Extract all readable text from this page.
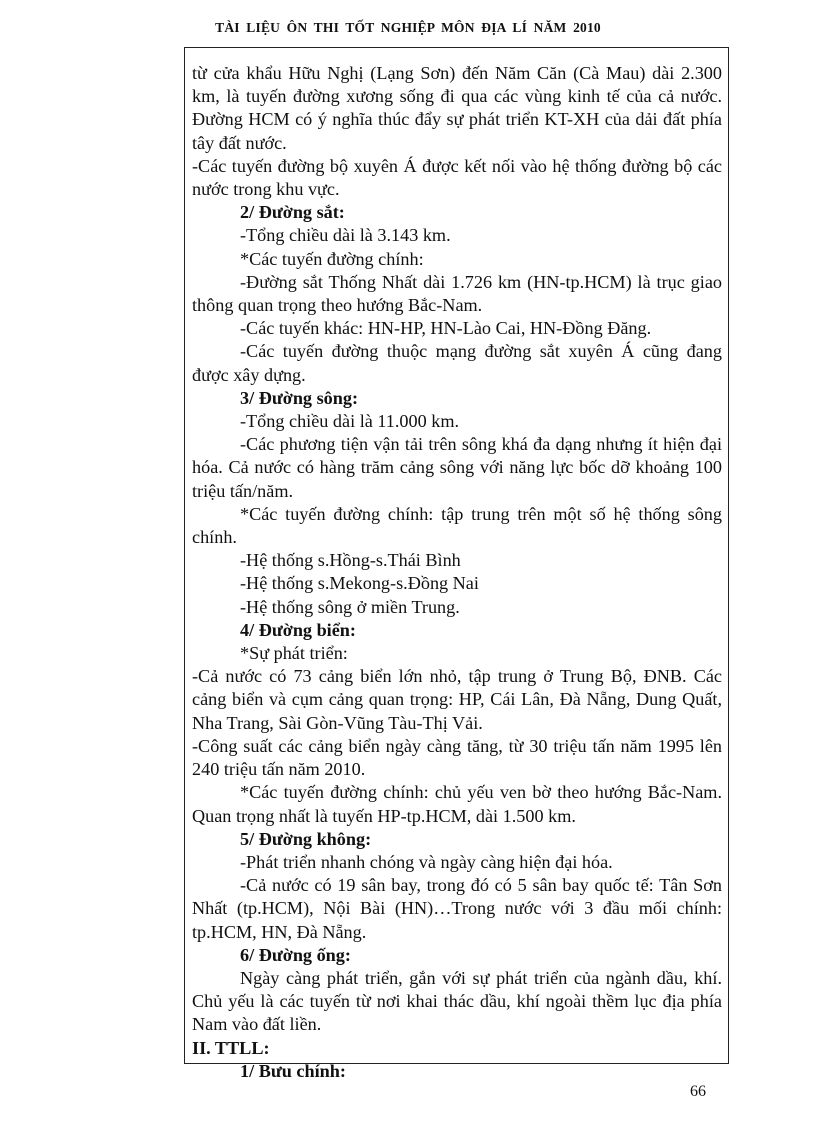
TÀI LIỆU ÔN THI TỐT NGHIỆP MÔN ĐỊA LÍ NĂM 2010
từ cửa khẩu Hữu Nghị (Lạng Sơn) đến Năm Căn (Cà Mau) dài 2.300 km, là tuyến đường xương sống đi qua các vùng kinh tế của cả nước. Đường HCM có ý nghĩa thúc đẩy sự phát triển KT-XH của dải đất phía tây đất nước.
-Các tuyến đường bộ xuyên Á được kết nối vào hệ thống đường bộ các nước trong khu vực.
2/ Đường sắt:
-Tổng chiều dài là 3.143 km.
*Các tuyến đường chính:
-Đường sắt Thống Nhất dài 1.726 km (HN-tp.HCM) là trục giao thông quan trọng theo hướng Bắc-Nam.
-Các tuyến khác: HN-HP, HN-Lào Cai, HN-Đồng Đăng.
-Các tuyến đường thuộc mạng đường sắt xuyên Á cũng đang được xây dựng.
3/ Đường sông:
-Tổng chiều dài là 11.000 km.
-Các phương tiện vận tải trên sông khá đa dạng nhưng ít hiện đại hóa. Cả nước có hàng trăm cảng sông với năng lực bốc dỡ khoảng 100 triệu tấn/năm.
*Các tuyến đường chính: tập trung trên một số hệ thống sông chính.
-Hệ thống s.Hồng-s.Thái Bình
-Hệ thống s.Mekong-s.Đồng Nai
-Hệ thống sông ở miền Trung.
4/ Đường biển:
*Sự phát triển:
-Cả nước có 73 cảng biển lớn nhỏ, tập trung ở Trung Bộ, ĐNB. Các cảng biển và cụm cảng quan trọng: HP, Cái Lân, Đà Nẵng, Dung Quất, Nha Trang, Sài Gòn-Vũng Tàu-Thị Vải.
-Công suất các cảng biển ngày càng tăng, từ 30 triệu tấn năm 1995 lên 240 triệu tấn năm 2010.
*Các tuyến đường chính: chủ yếu ven bờ theo hướng Bắc-Nam. Quan trọng nhất là tuyến HP-tp.HCM, dài 1.500 km.
5/ Đường không:
-Phát triển nhanh chóng và ngày càng hiện đại hóa.
-Cả nước có 19 sân bay, trong đó có 5 sân bay quốc tế: Tân Sơn Nhất (tp.HCM), Nội Bài (HN)…Trong nước với 3 đầu mối chính: tp.HCM, HN, Đà Nẵng.
6/ Đường ống:
Ngày càng phát triển, gắn với sự phát triển của ngành dầu, khí. Chủ yếu là các tuyến từ nơi khai thác dầu, khí ngoài thềm lục địa phía Nam vào đất liền.
II. TTLL:
1/ Bưu chính:
66
